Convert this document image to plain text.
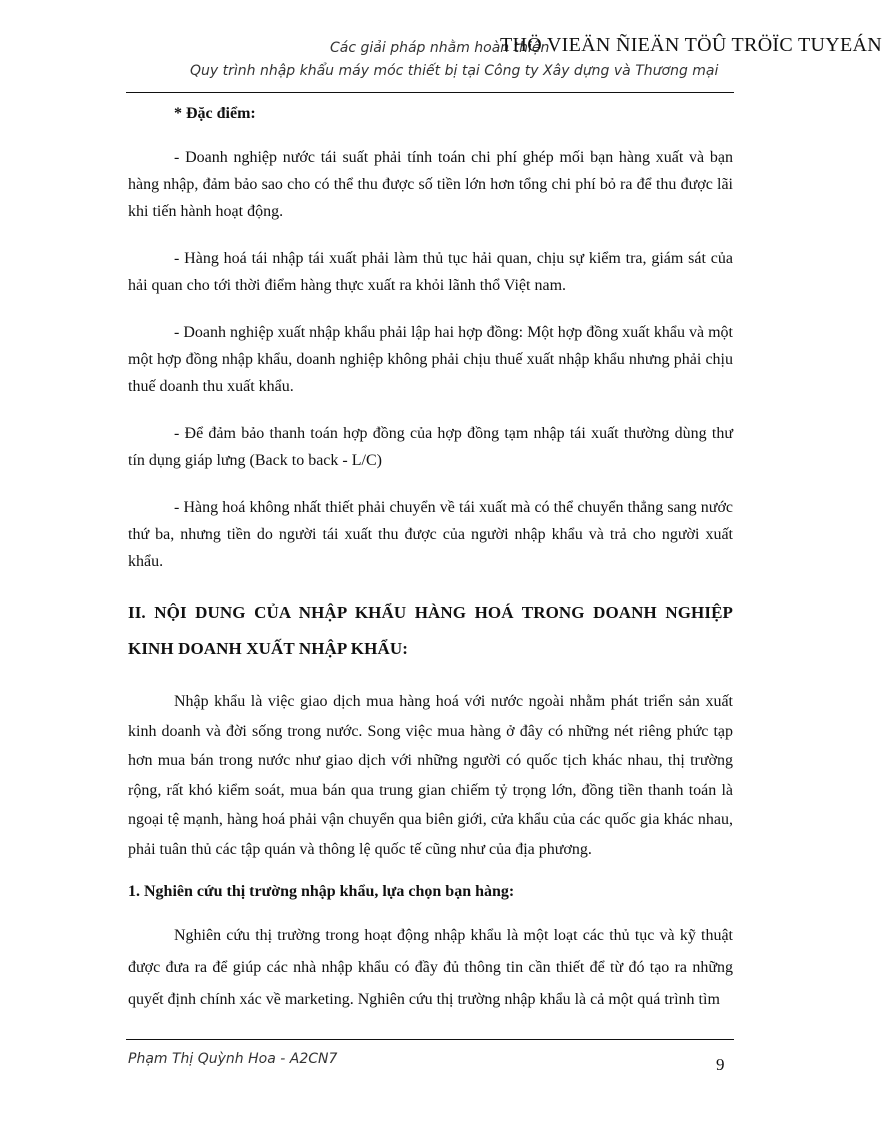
Các giải pháp nhằm hoàn thiện
THÖ VIEÄN ÑIEÄN TÖÛ TRÖÏC TUYEÁN
Quy trình nhập khẩu máy móc thiết bị tại Công ty Xây dựng và Thương mại

* Đặc điểm:

- Doanh nghiệp nước tái suất phải tính toán chi phí ghép mối bạn hàng xuất và bạn hàng nhập, đảm bảo sao cho có thể thu được số tiền lớn hơn tổng chi phí bỏ ra để thu được lãi khi tiến hành hoạt động.

- Hàng hoá tái nhập tái xuất phải làm thủ tục hải quan, chịu sự kiểm tra, giám sát của hải quan cho tới thời điểm hàng thực xuất ra khỏi lãnh thổ Việt nam.

- Doanh nghiệp xuất nhập khẩu phải lập hai hợp đồng: Một hợp đồng xuất khẩu và một một hợp đồng nhập khẩu, doanh nghiệp không phải chịu thuế xuất nhập khẩu nhưng phải chịu thuế doanh thu xuất khẩu.

- Để đảm bảo thanh toán hợp đồng của hợp đồng tạm nhập tái xuất thường dùng thư tín dụng giáp lưng (Back to back - L/C)

- Hàng hoá không nhất thiết phải chuyển về tái xuất mà có thể chuyển thẳng sang nước thứ ba, nhưng tiền do người tái xuất thu được của người nhập khẩu và trả cho người xuất khẩu.

II. NỘI DUNG CỦA NHẬP KHẨU HÀNG HOÁ TRONG DOANH NGHIỆP KINH DOANH XUẤT NHẬP KHẨU:

Nhập khẩu là việc giao dịch mua hàng hoá với nước ngoài nhằm phát triển sản xuất kinh doanh và đời sống trong nước. Song việc mua hàng ở đây có những nét riêng phức tạp hơn mua bán trong nước như giao dịch với những người có quốc tịch khác nhau, thị trường rộng, rất khó kiểm soát, mua bán qua trung gian chiếm tỷ trọng lớn, đồng tiền thanh toán là ngoại tệ mạnh, hàng hoá phải vận chuyển qua biên giới, cửa khẩu của các quốc gia khác nhau, phải tuân thủ các tập quán và thông lệ quốc tế cũng như của địa phương.

1. Nghiên cứu thị trường nhập khẩu, lựa chọn bạn hàng:

Nghiên cứu thị trường trong hoạt động nhập khẩu là một loạt các thủ tục và kỹ thuật được đưa ra để giúp các nhà nhập khẩu có đầy đủ thông tin cần thiết để từ đó tạo ra những quyết định chính xác về marketing. Nghiên cứu thị trường nhập khẩu là cả một quá trình tìm

Phạm Thị Quỳnh Hoa - A2CN7	9
